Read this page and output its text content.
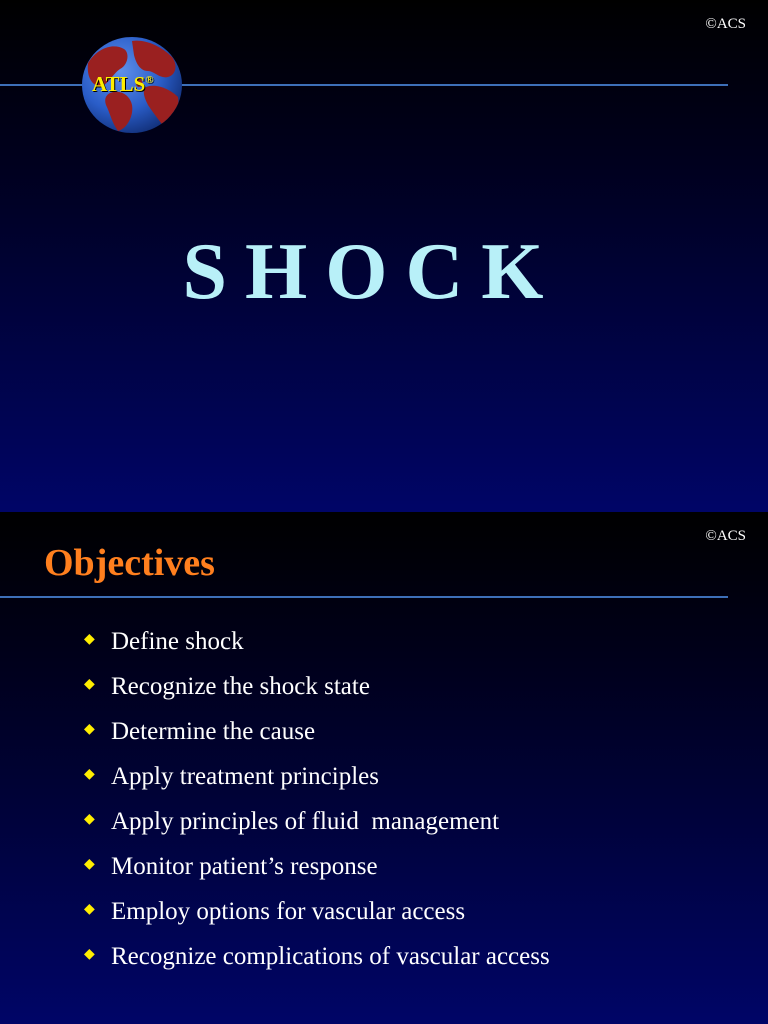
©ACS
ATLS®
SHOCK
©ACS
Objectives
◆ Define shock
◆ Recognize the shock state
◆ Determine the cause
◆ Apply treatment principles
◆ Apply principles of fluid  management
◆ Monitor patient’s response
◆ Employ options for vascular access
◆ Recognize complications of vascular access
